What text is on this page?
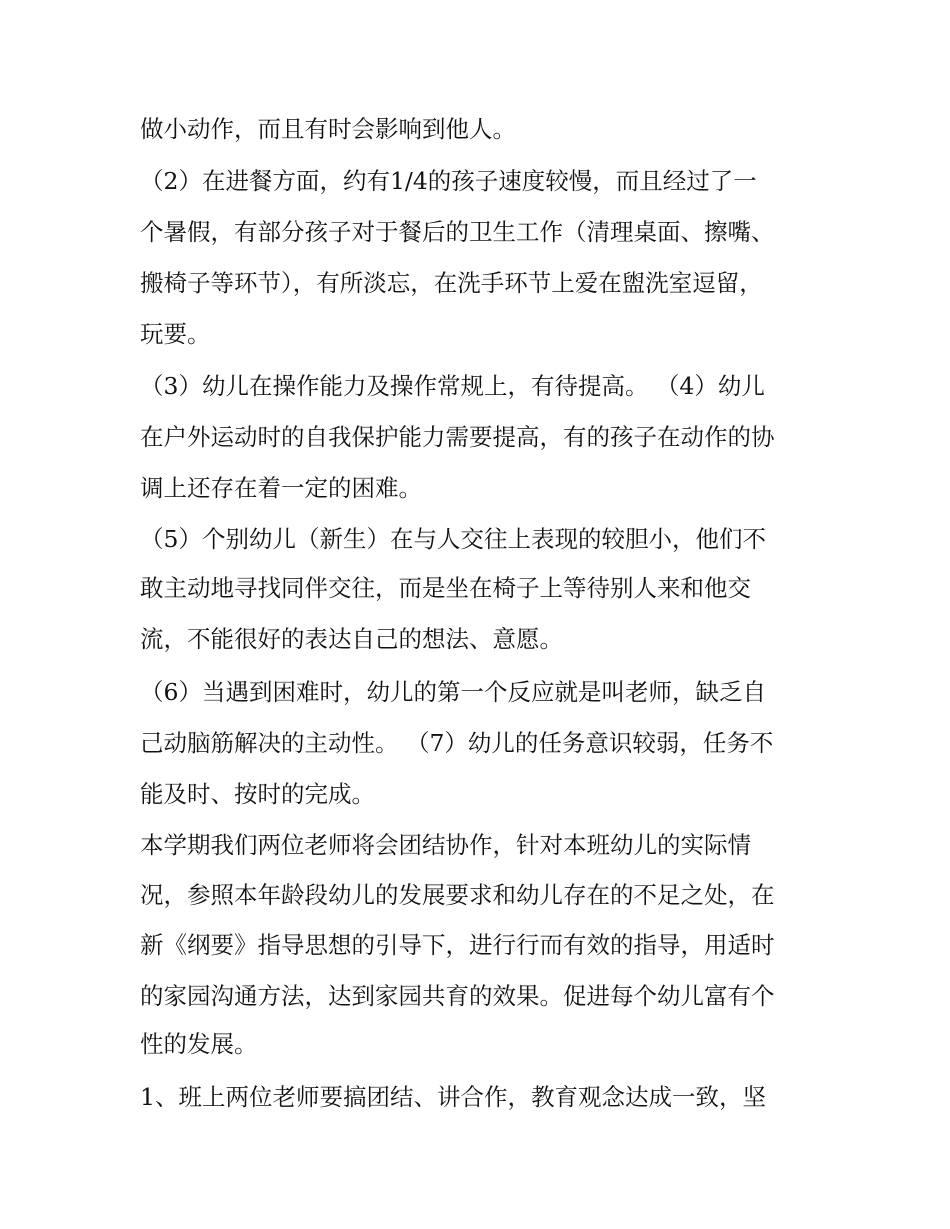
做小动作，而且有时会影响到他人。
（2）在进餐方面，约有1/4的孩子速度较慢，而且经过了一
个暑假，有部分孩子对于餐后的卫生工作（清理桌面、擦嘴、
搬椅子等环节），有所淡忘，在洗手环节上爱在盥洗室逗留，
玩要。
（3）幼儿在操作能力及操作常规上，有待提高。 （4）幼儿
在户外运动时的自我保护能力需要提高，有的孩子在动作的协
调上还存在着一定的困难。
（5）个别幼儿（新生）在与人交往上表现的较胆小，他们不
敢主动地寻找同伴交往，而是坐在椅子上等待别人来和他交
流，不能很好的表达自己的想法、意愿。
（6）当遇到困难时，幼儿的第一个反应就是叫老师，缺乏自
己动脑筋解决的主动性。 （7）幼儿的任务意识较弱，任务不
能及时、按时的完成。
本学期我们两位老师将会团结协作，针对本班幼儿的实际情
况，参照本年龄段幼儿的发展要求和幼儿存在的不足之处，在
新《纲要》指导思想的引导下，进行行而有效的指导，用适时
的家园沟通方法，达到家园共育的效果。促进每个幼儿富有个
性的发展。
1、班上两位老师要搞团结、讲合作，教育观念达成一致，坚
